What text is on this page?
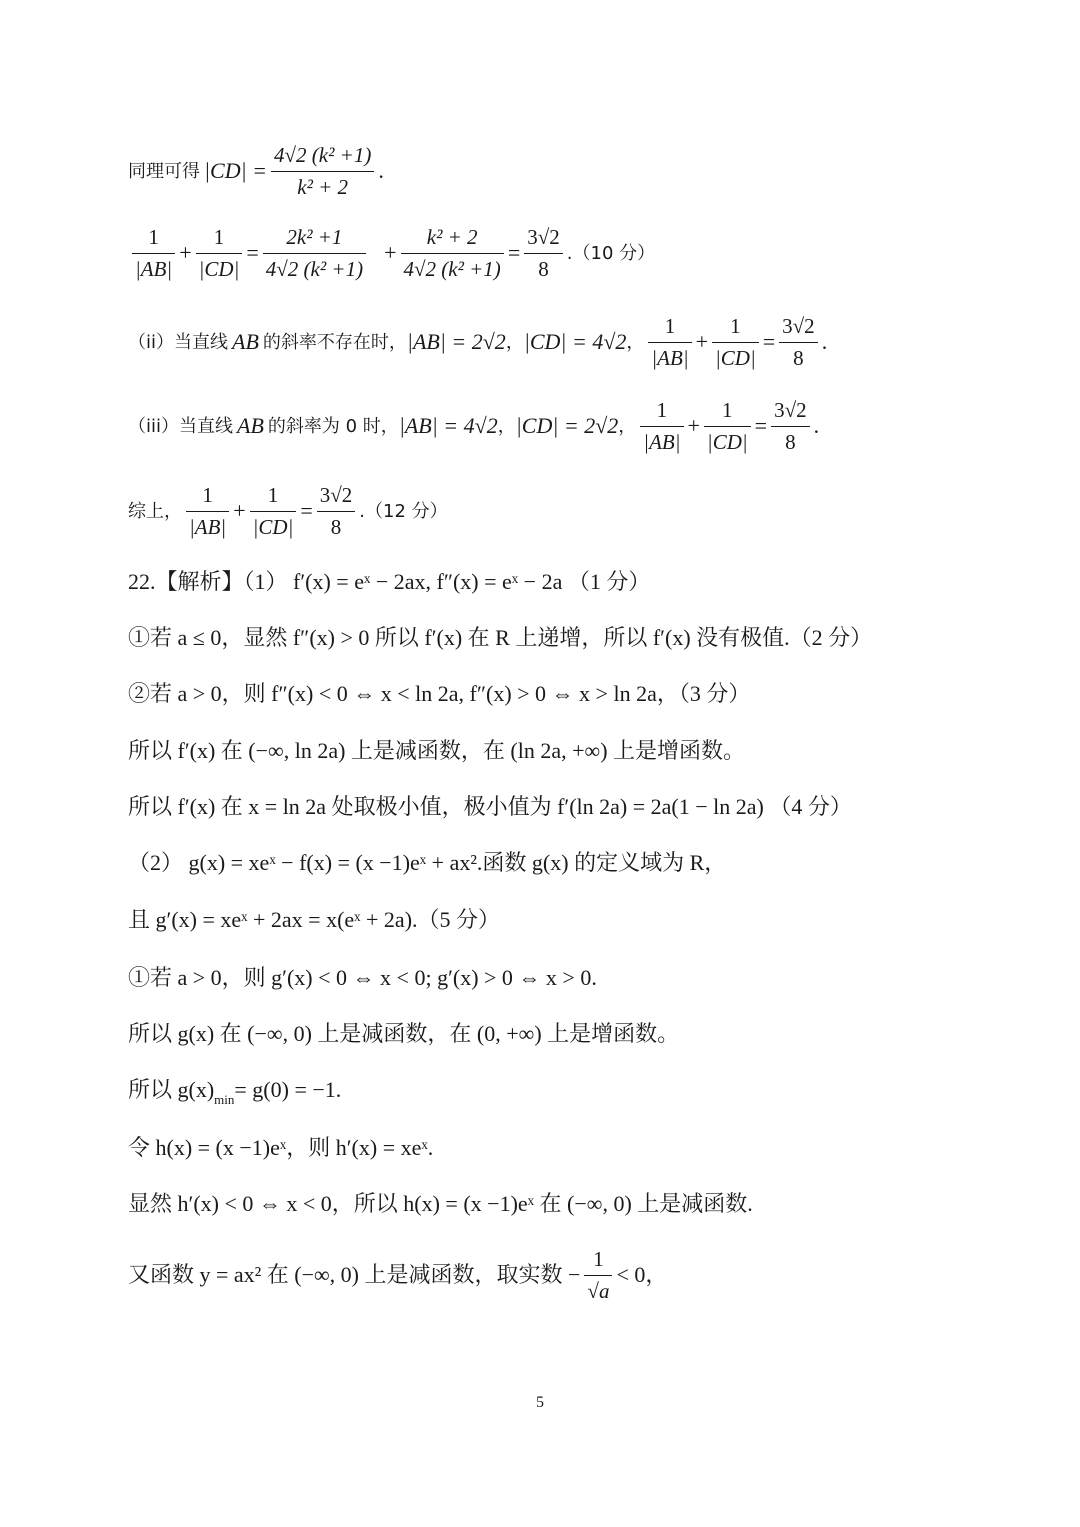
同理可得 $|CD| = \frac{\text{4√2 (k² +1)}}{\text{k² + 2}}$ .
$\frac{1}{|AB|} + \frac{1}{|CD|} = \frac{\text{2k² +1}}{\text{4√2 (k² +1)}} + \frac{\text{k² + 2}}{\text{4√2 (k² +1)}} = \frac{3√2}{8} .(10$ 分）
（ii）当直线 AB 的斜率不存在时， |AB| = 2√2 ， |CD| = 4√2 ， $\frac{1}{|AB|} + \frac{1}{|CD|} = \frac{3√2}{8}$ .
（iii）当直线 AB 的斜率为 0 时， |AB| = 4√2 ， |CD| = 2√2 ， $\frac{1}{|AB|} + \frac{1}{|CD|} = \frac{3√2}{8}$ .
综上， $\frac{1}{|AB|} + \frac{1}{|CD|} = \frac{3√2}{8} .(12$ 分）
22.【解析】（1） f′(x) = eˣ − 2ax, f″(x) = eˣ − 2a （1 分）
①若 a ≤ 0，显然 f″(x) > 0 所以 f′(x) 在 R 上递增，所以 f′(x) 没有极值.（2 分）
②若 a > 0，则 f″(x) < 0 ⇔ x < ln 2a, f″(x) > 0 ⇔ x > ln 2a，（3 分）
所以 f′(x) 在 (−∞, ln 2a) 上是减函数，在 (ln 2a, +∞) 上是增函数。
所以 f′(x) 在 x = ln 2a 处取极小值，极小值为 f′(ln 2a) = 2a(1 − ln 2a) （4 分）
（2） g(x) = xeˣ − f(x) = (x −1)eˣ + ax².函数 g(x) 的定义域为 R，
且 g′(x) = xeˣ + 2ax = x(eˣ + 2a).（5 分）
①若 a > 0，则 g′(x) < 0 ⇔ x < 0; g′(x) > 0 ⇔ x > 0.
所以 g(x) 在 (−∞, 0) 上是减函数，在 (0, +∞) 上是增函数。
所以 $g(x)_{min} = g(0) = -1$.
令 h(x) = (x −1)eˣ，则 h′(x) = xeˣ.
显然 h′(x) < 0 ⇔ x < 0，所以 h(x) = (x −1)eˣ 在 (−∞, 0) 上是减函数.
又函数 y = ax² 在 (−∞, 0) 上是减函数，取实数 − $\frac{1}{√a} < 0$，
5
